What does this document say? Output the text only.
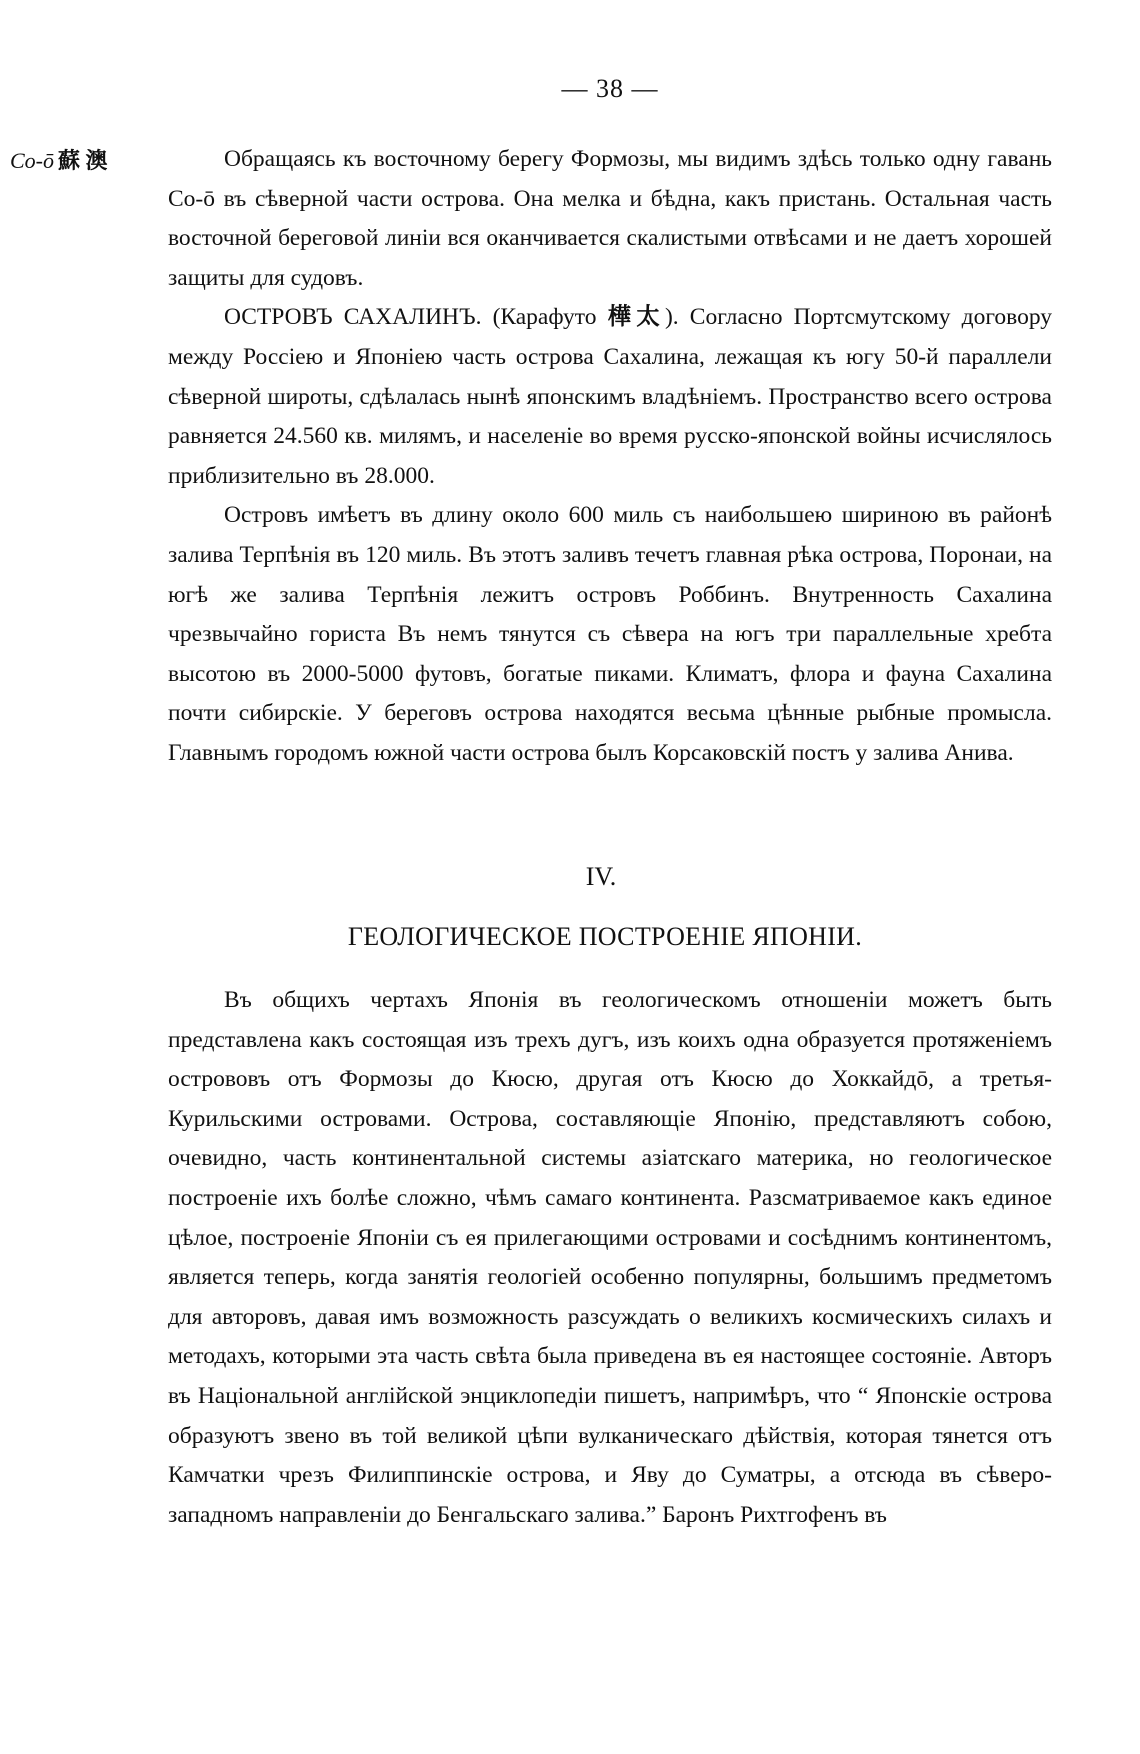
— 38 —
Co-ō 蘇 澳	Обращаясь къ восточному берегу Формозы, мы видимъ здѣсь только одну гавань Со-ō въ сѣверной части острова. Она мелка и бѣдна, какъ пристань. Остальная часть восточной береговой линіи вся оканчивается скалистыми отвѣсами и не даетъ хорошей защиты для судовъ.

ОСТРОВЪ САХАЛИНЪ. (Карафуто 樺太). Согласно Портсмутскому договору между Россіею и Японіею часть острова Сахалина, лежащая къ югу 50-й параллели сѣверной широты, сдѣлалась нынѣ японскимъ владѣніемъ. Пространство всего острова равняется 24.560 кв. милямъ, и населеніе во время русско-японской войны исчислялось приблизительно въ 28.000.

Островъ имѣетъ въ длину около 600 миль съ наибольшею шириною въ районѣ залива Терпѣнія въ 120 миль. Въ этотъ заливъ течетъ главная рѣка острова, Поронаи, на югѣ же залива Терпѣнія лежитъ островъ Роббинъ. Внутренность Сахалина чрезвычайно гориста Въ немъ тянутся съ сѣвера на югъ три параллельные хребта высотою въ 2000-5000 футовъ, богатые пиками. Климатъ, флора и фауна Сахалина почти сибирскіе. У береговъ острова находятся весьма цѣнные рыбные промысла. Главнымъ городомъ южной части острова былъ Корсаковскій постъ у залива Анива.

IV.
ГЕОЛОГИЧЕСКОЕ ПОСТРОЕНІЕ ЯПОНІИ.

Въ общихъ чертахъ Японія въ геологическомъ отношеніи можетъ быть представлена какъ состоящая изъ трехъ дугъ, изъ коихъ одна образуется протяженіемъ острововъ отъ Формозы до Кюсю, другая отъ Кюсю до Хоккайдō, а третья-Курильскими островами. Острова, составляющіе Японію, представляютъ собою, очевидно, часть континентальной системы азіатскаго материка, но геологическое построеніе ихъ болѣе сложно, чѣмъ самаго континента. Разсматриваемое какъ единое цѣлое, построеніе Японіи съ ея прилегающими островами и сосѣднимъ континентомъ, является теперь, когда занятія геологіей особенно популярны, большимъ предметомъ для авторовъ, давая имъ возможность разсуждать о великихъ космическихъ силахъ и методахъ, которыми эта часть свѣта была приведена въ ея настоящее состояніе. Авторъ въ Національной англійской энциклопедіи пишетъ, напримѣръ, что “ Японскіе острова образуютъ звено въ той великой цѣпи вулканическаго дѣйствія, которая тянется отъ Камчатки чрезъ Филиппинскіе острова, и Яву до Суматры, а отсюда въ сѣверо-западномъ направленіи до Бенгальскаго залива.” Баронъ Рихтгофенъ въ
